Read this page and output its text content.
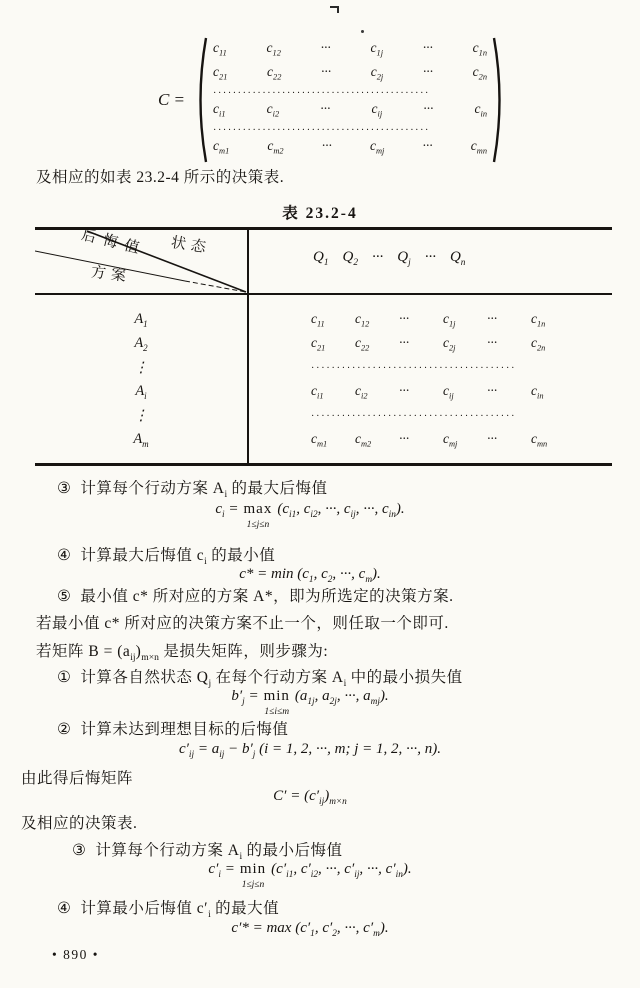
C =
$c_{11}$	$c_{12}$	···	$c_{1j}$	···	$c_{1n}$
$c_{21}$	$c_{22}$	···	$c_{2j}$	···	$c_{2n}$
············································
$c_{i1}$	$c_{i2}$	···	$c_{ij}$	···	$c_{in}$
············································
$c_{m1}$	$c_{m2}$	···	$c_{mj}$	···	$c_{mn}$
及相应的如表 23.2-4 所示的决策表.
表 23.2-4
后悔值 状态
方案
$Q_1$ $Q_2$ ··· $Q_j$ ··· $Q_n$
$A_1$	$c_{11}$	$c_{12}$	···	$c_{1j}$	···	$c_{1n}$
$A_2$	$c_{21}$	$c_{22}$	···	$c_{2j}$	···	$c_{2n}$
⋮	········································
$A_i$	$c_{i1}$	$c_{i2}$	···	$c_{ij}$	···	$c_{in}$
⋮	········································
$A_m$	$c_{m1}$	$c_{m2}$	···	$c_{mj}$	···	$c_{mn}$
③ 计算每个行动方案 $A_i$ 的最大后悔值
$c_i = \max$
1≤j≤n
($c_{i1}$, $c_{i2}$, ···, $c_{ij}$, ···, $c_{in}$).
④ 计算最大后悔值 $c_i$ 的最小值
$c* = \min (c_1$, $c_2$, ···, $c_m$).
⑤ 最小值 c* 所对应的方案 A*，即为所选定的决策方案.
若最小值 c* 所对应的决策方案不止一个，则任取一个即可.
若矩阵 $B = (a_{ij})_{m\times n}$ 是损失矩阵，则步骤为:
① 计算各自然状态 $Q_j$ 在每个行动方案 $A_i$ 中的最小损失值
$b'_j = \min$
1≤i≤m
($a_{1j}$, $a_{2j}$, ···, $a_{mj}$).
② 计算未达到理想目标的后悔值
$c'_{ij} = a_{ij} - b'_j$ (i = 1, 2, ···, m; j = 1, 2, ···, n).
由此得后悔矩阵
$C' = (c'_{ij})_{m\times n}$
及相应的决策表.
③ 计算每个行动方案 $A_i$ 的最小后悔值
$c'_i = \min$
1≤j≤n
($c'_{i1}$, $c'_{i2}$, ···, $c'_{ij}$, ···, $c'_{in}$).
④ 计算最小后悔值 $c'_i$ 的最大值
$c'* = \max (c'_1$, $c'_2$, ···, $c'_m$).
• 890 •
